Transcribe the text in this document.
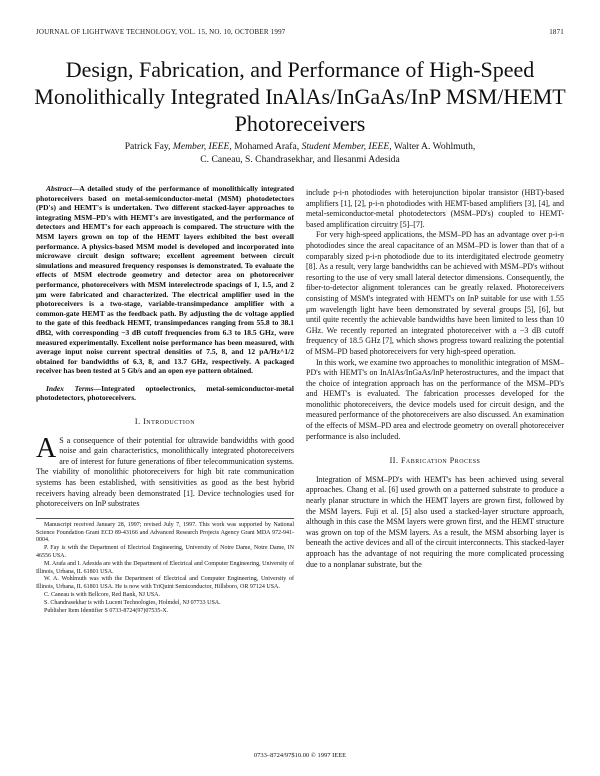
JOURNAL OF LIGHTWAVE TECHNOLOGY, VOL. 15, NO. 10, OCTOBER 1997	1871
Design, Fabrication, and Performance of High-Speed Monolithically Integrated InAlAs/InGaAs/InP MSM/HEMT Photoreceivers
Patrick Fay, Member, IEEE, Mohamed Arafa, Student Member, IEEE, Walter A. Wohlmuth,
C. Caneau, S. Chandrasekhar, and Ilesanmi Adesida

Abstract—A detailed study of the performance of monolithically integrated photoreceivers based on metal-semiconductor-metal (MSM) photodetectors (PD's) and HEMT's is undertaken. Two different stacked-layer approaches to integrating MSM–PD's with HEMT's are investigated, and the performance of detectors and HEMT's for each approach is compared. The structure with the MSM layers grown on top of the HEMT layers exhibited the best overall performance. A physics-based MSM model is developed and incorporated into microwave circuit design software; excellent agreement between circuit simulations and measured frequency responses is demonstrated. To evaluate the effects of MSM electrode geometry and detector area on photoreceiver performance, photoreceivers with MSM interelectrode spacings of 1, 1.5, and 2 μm were fabricated and characterized. The electrical amplifier used in the photoreceivers is a two-stage, variable-transimpedance amplifier with a common-gate HEMT as the feedback path. By adjusting the dc voltage applied to the gate of this feedback HEMT, transimpedances ranging from 55.8 to 38.1 dBΩ, with corresponding −3 dB cutoff frequencies from 6.3 to 18.5 GHz, were measured experimentally. Excellent noise performance has been measured, with average input noise current spectral densities of 7.5, 8, and 12 pA/Hz^1/2 obtained for bandwidths of 6.3, 8, and 13.7 GHz, respectively. A packaged receiver has been tested at 5 Gb/s and an open eye pattern obtained.

Index Terms—Integrated optoelectronics, metal-semiconductor-metal photodetectors, photoreceivers.

I. Introduction

A S a consequence of their potential for ultrawide bandwidths with good noise and gain characteristics, monolithically integrated photoreceivers are of interest for future generations of fiber telecommunication systems. The viability of monolithic photoreceivers for high bit rate communication systems has been established, with sensitivities as good as the best hybrid receivers having already been demonstrated [1]. Device technologies used for photoreceivers on InP substrates

Manuscript received January 28, 1997; revised July 7, 1997. This work was supported by National Science Foundation Grant ECD 89-43166 and Advanced Research Projects Agency Grant MDA 972-941-0004.
P. Fay is with the Department of Electrical Engineering, University of Notre Dame, Notre Dame, IN 46556 USA.
M. Arafa and I. Adesida are with the Department of Electrical and Computer Engineering, University of Illinois, Urbana, IL 61801 USA.
W. A. Wohlmuth was with the Department of Electrical and Computer Engineering, University of Illinois, Urbana, IL 61801 USA. He is now with TriQuint Semiconductor, Hillsboro, OR 97124 USA.
C. Caneau is with Bellcore, Red Bank, NJ USA.
S. Chandrasekhar is with Lucent Technologies, Holmdel, NJ 07733 USA.
Publisher Item Identifier S 0733-8724(97)07535-X.

include p-i-n photodiodes with heterojunction bipolar transistor (HBT)-based amplifiers [1], [2], p-i-n photodiodes with HEMT-based amplifiers [3], [4], and metal-semiconductor-metal photodetectors (MSM–PD's) coupled to HEMT-based amplification circuitry [5]–[7].

For very high-speed applications, the MSM–PD has an advantage over p-i-n photodiodes since the areal capacitance of an MSM–PD is lower than that of a comparably sized p-i-n photodiode due to its interdigitated electrode geometry [8]. As a result, very large bandwidths can be achieved with MSM–PD's without resorting to the use of very small lateral detector dimensions. Consequently, the fiber-to-detector alignment tolerances can be greatly relaxed. Photoreceivers consisting of MSM's integrated with HEMT's on InP suitable for use with 1.55 μm wavelength light have been demonstrated by several groups [5], [6], but until quite recently the achievable bandwidths have been limited to less than 10 GHz. We recently reported an integrated photoreceiver with a −3 dB cutoff frequency of 18.5 GHz [7], which shows progress toward realizing the potential of MSM–PD based photoreceivers for very high-speed operation.

In this work, we examine two approaches to monolithic integration of MSM–PD's with HEMT's on InAlAs/InGaAs/InP heterostructures, and the impact that the choice of integration approach has on the performance of the MSM–PD's and HEMT's is evaluated. The fabrication processes developed for the monolithic photoreceivers, the device models used for circuit design, and the measured performance of the photoreceivers are also discussed. An examination of the effects of MSM–PD area and electrode geometry on overall photoreceiver performance is also included.

II. Fabrication Process

Integration of MSM–PD's with HEMT's has been achieved using several approaches. Chang et al. [6] used growth on a patterned substrate to produce a nearly planar structure in which the HEMT layers are grown first, followed by the MSM layers. Fuji et al. [5] also used a stacked-layer structure approach, although in this case the MSM layers were grown first, and the HEMT structure was grown on top of the MSM layers. As a result, the MSM absorbing layer is beneath the active devices and all of the circuit interconnects. This stacked-layer approach has the advantage of not requiring the more complicated processing due to a nonplanar substrate, but the

0733–8724/97$10.00 © 1997 IEEE
